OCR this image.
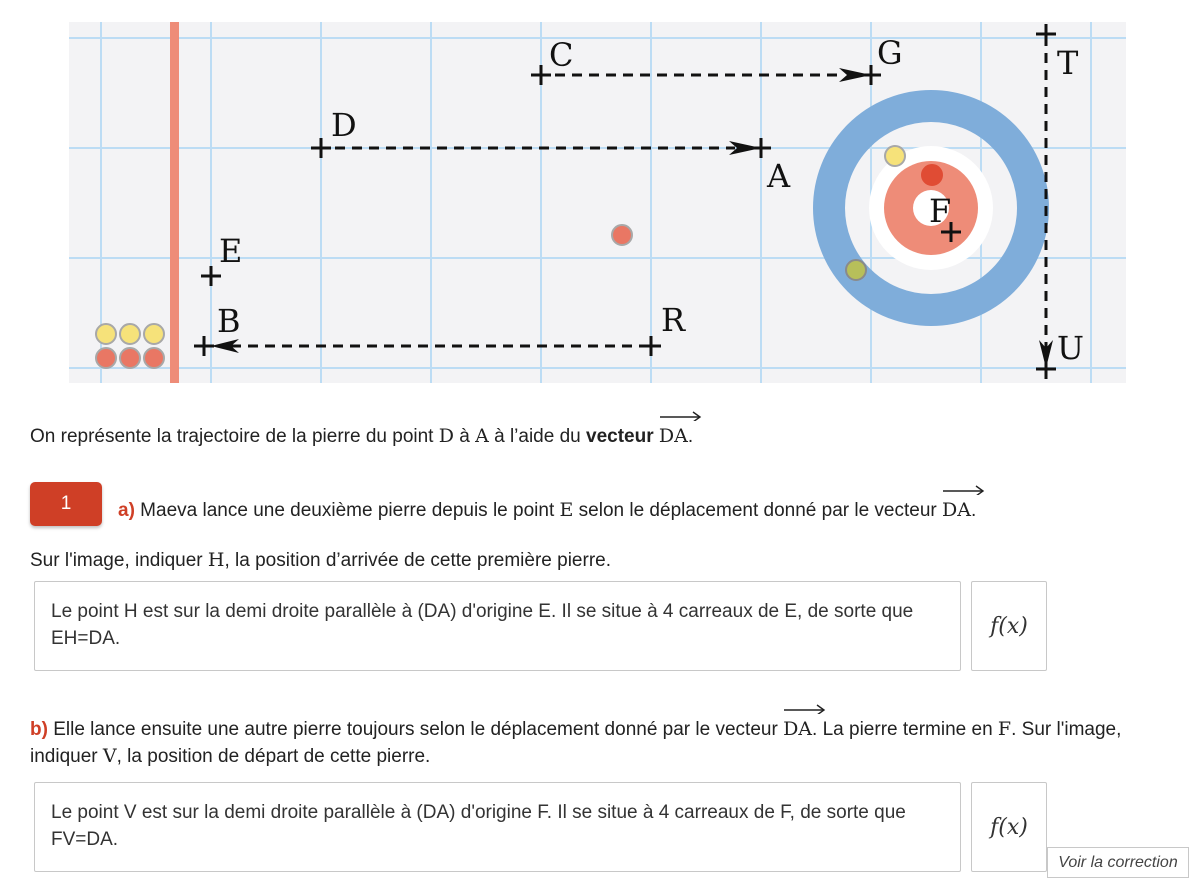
C	G	T
D
A
E
F
B	R
U
On représente la trajectoire de la pierre du point D à A à l’aide du vecteur DA.
1	a) Maeva lance une deuxième pierre depuis le point E selon le déplacement donné par le vecteur
DA.
Sur l'image, indiquer H, la position d’arrivée de cette première pierre.
Le point H est sur la demi droite parallèle à (DA) d'origine E. Il se situe à 4 carreaux de E, de sorte que EH=DA.	f(x)
b) Elle lance ensuite une autre pierre toujours selon le déplacement donné par le vecteur
DA. La pierre termine en F. Sur l'image, indiquer V, la position de départ de cette pierre.
Le point V est sur la demi droite parallèle à (DA) d'origine F. Il se situe à 4 carreaux de F, de sorte que FV=DA.	f(x)
Voir la correction
